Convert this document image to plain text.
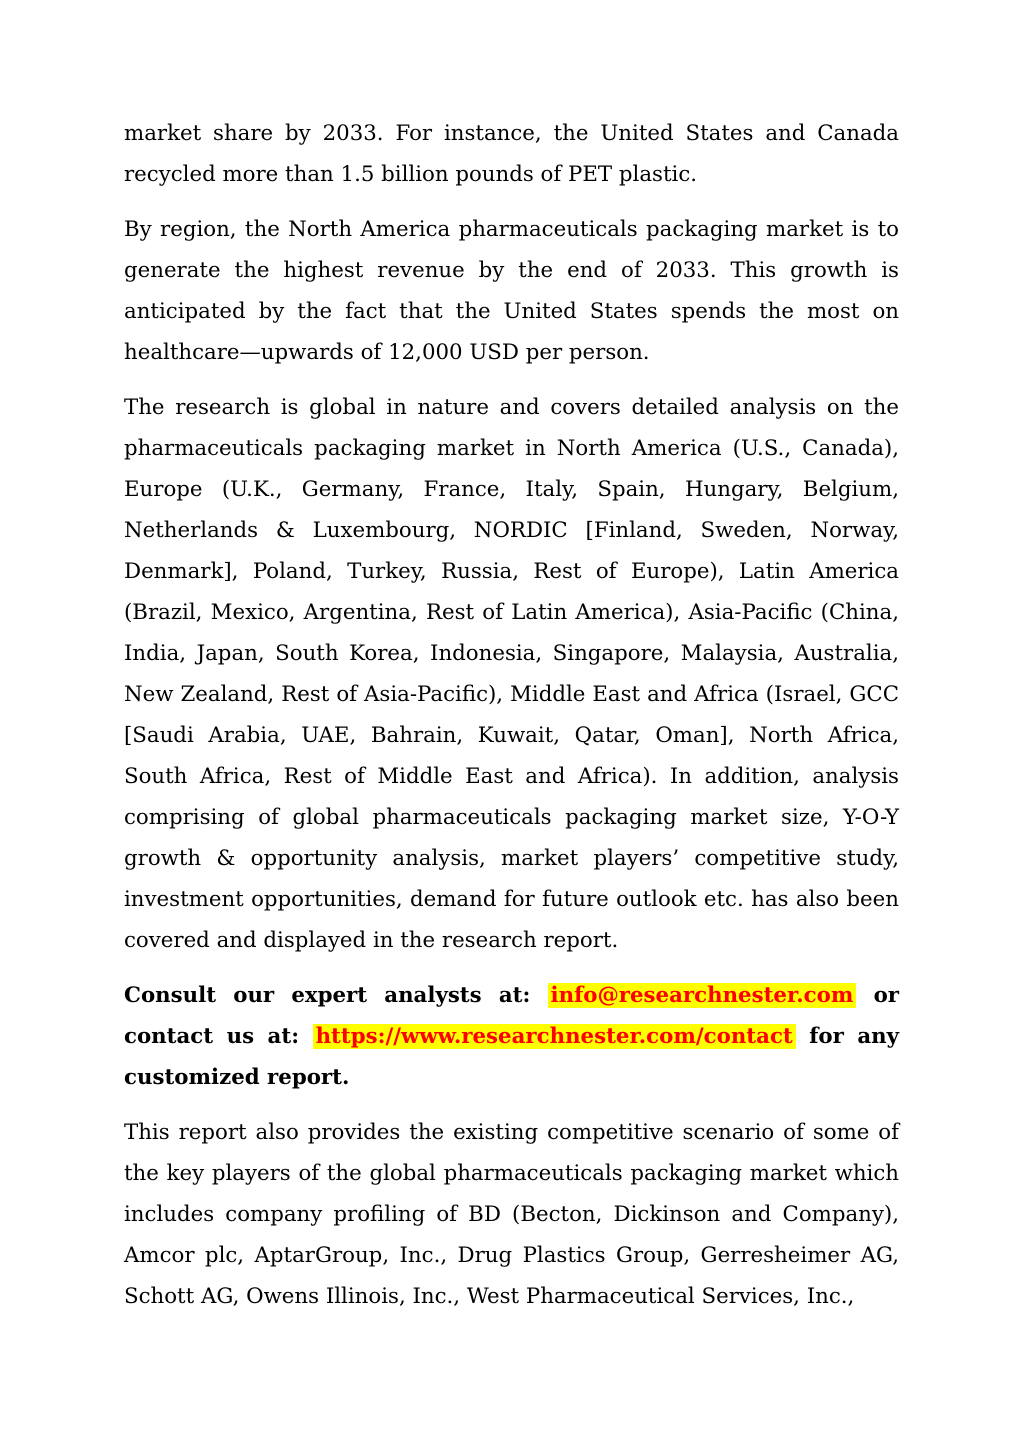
market share by 2033. For instance, the United States and Canada recycled more than 1.5 billion pounds of PET plastic.

By region, the North America pharmaceuticals packaging market is to generate the highest revenue by the end of 2033. This growth is anticipated by the fact that the United States spends the most on healthcare—upwards of 12,000 USD per person.

The research is global in nature and covers detailed analysis on the pharmaceuticals packaging market in North America (U.S., Canada), Europe (U.K., Germany, France, Italy, Spain, Hungary, Belgium, Netherlands & Luxembourg, NORDIC [Finland, Sweden, Norway, Denmark], Poland, Turkey, Russia, Rest of Europe), Latin America (Brazil, Mexico, Argentina, Rest of Latin America), Asia-Pacific (China, India, Japan, South Korea, Indonesia, Singapore, Malaysia, Australia, New Zealand, Rest of Asia-Pacific), Middle East and Africa (Israel, GCC [Saudi Arabia, UAE, Bahrain, Kuwait, Qatar, Oman], North Africa, South Africa, Rest of Middle East and Africa). In addition, analysis comprising of global pharmaceuticals packaging market size, Y-O-Y growth & opportunity analysis, market players’ competitive study, investment opportunities, demand for future outlook etc. has also been covered and displayed in the research report.

Consult our expert analysts at: info@researchnester.com or contact us at: https://www.researchnester.com/contact for any customized report.

This report also provides the existing competitive scenario of some of the key players of the global pharmaceuticals packaging market which includes company profiling of BD (Becton, Dickinson and Company), Amcor plc, AptarGroup, Inc., Drug Plastics Group, Gerresheimer AG, Schott AG, Owens Illinois, Inc., West Pharmaceutical Services, Inc.,
